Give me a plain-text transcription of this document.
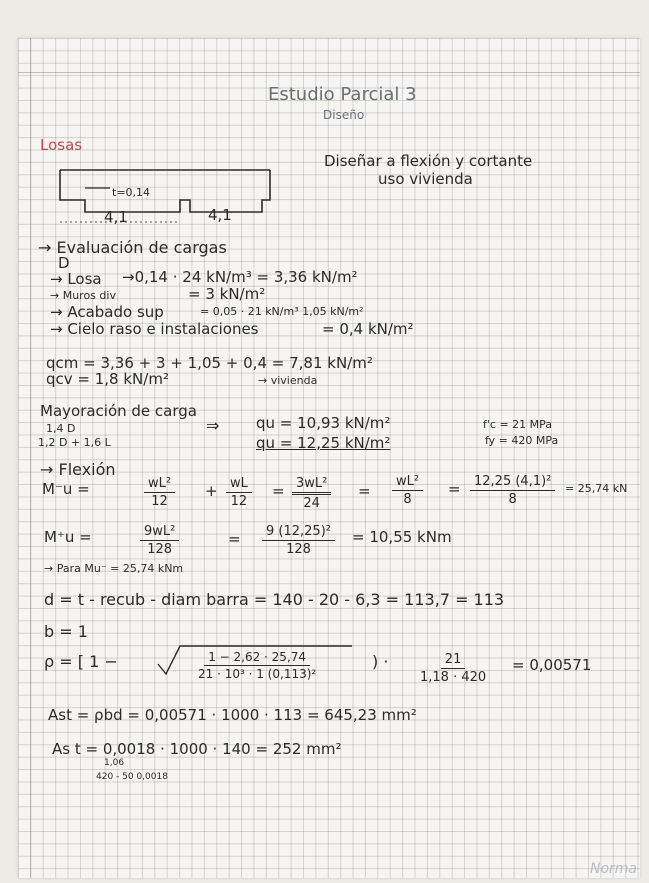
Estudio Parcial 3
Diseño
Losas
Diseñar a flexión y cortante
uso vivienda
t=0,14
4,1	4,1
→ Evaluación de cargas
D
→ Losa →0,14 · 24 kN/m³ = 3,36 kN/m²
→ Muros div	= 3 kN/m²
→ Acabado sup	= 0,05 · 21 kN/m³ 1,05 kN/m²
→ Cielo raso e instalaciones	= 0,4 kN/m²
qcm = 3,36 + 3 + 1,05 + 0,4 = 7,81 kN/m²
qcv = 1,8 kN/m²	→ vivienda
Mayoración de carga
1,4 D
1,2 D + 1,6 L
⇒ qu = 10,93 kN/m²
qu = 12,25 kN/m²
f'c = 21 MPa
fy = 420 MPa
→ Flexión
M⁻u =	$\frac{\text{wL²}}{12} + \frac{wL}{12} = \frac{\text{3wL²}}{24} = \frac{\text{wL²}}{8} = \frac{\text{12,25 (4,1)²}}{8} = 25,74$ kN
M⁺u =	$\frac{\text{9wL²}}{128}$	= $\frac{\text{9 (12,25)²}}{128} = 10,55$ kNm
→ Para Mu⁻ = 25,74 kNm
d = t - recub - diam barra = 140 - 20 - 6,3 = 113,7 = 113
b = 1
ρ = [ 1 −	$\frac{1 - 2,62 \cdot 25,74}{\text{21 · 10³ · 1 (0,113)²}}$	) · $\frac{21}{1,18 \cdot 420} = 0,00571$
Ast = ρbd = 0,00571 · 1000 · 113 = 645,23 mm²
As t = 0,0018 · 1000 · 140 = 252 mm²
1,06
420 - 50 0,0018
Norma
